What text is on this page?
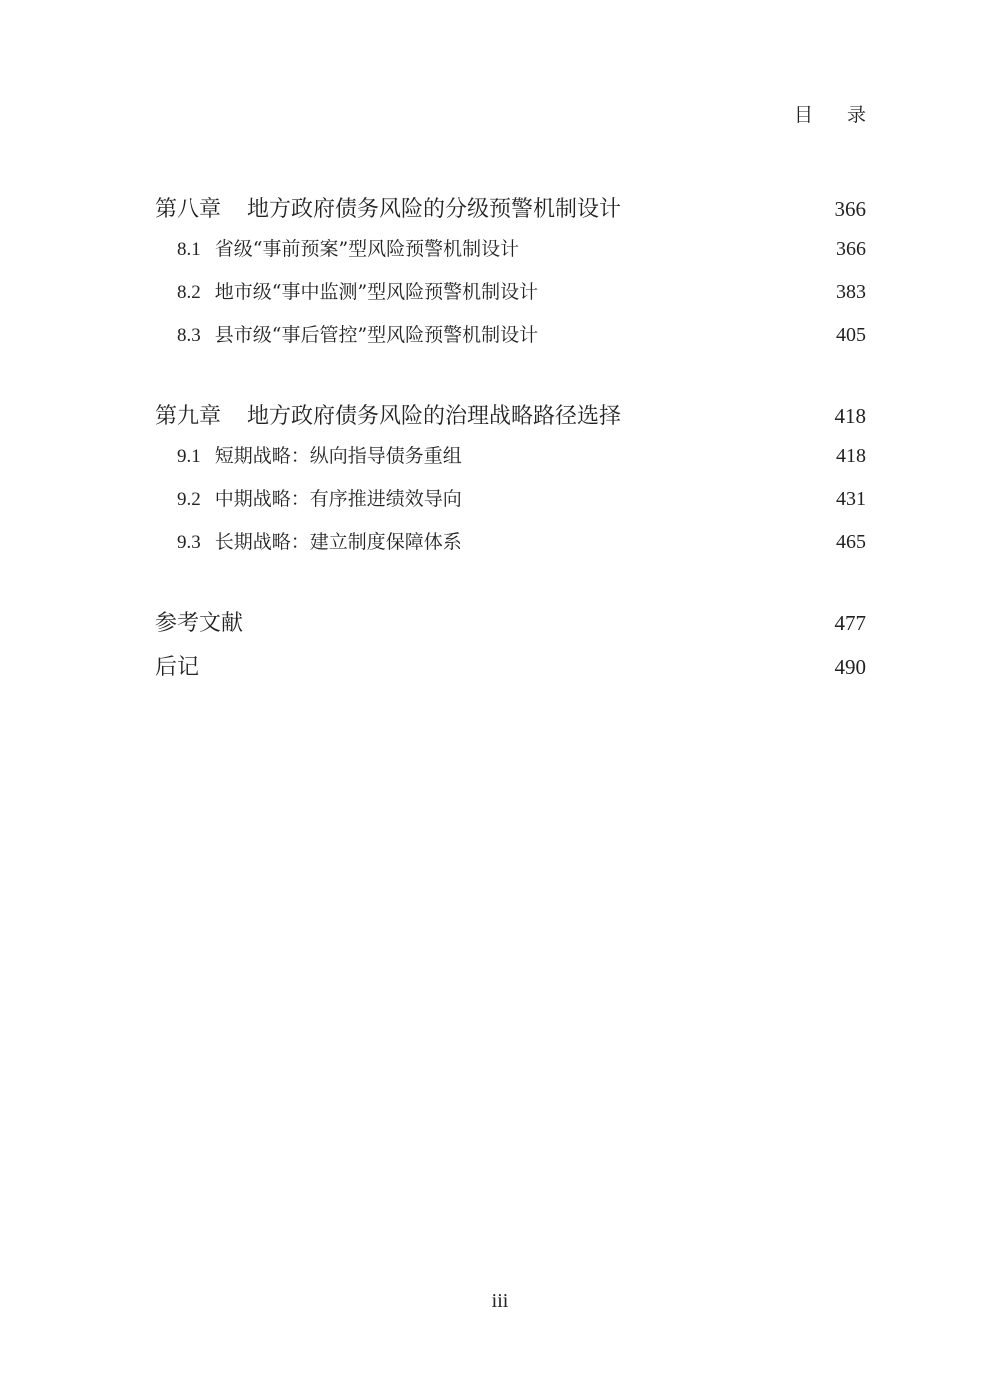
目 录
第八章 地方政府债务风险的分级预警机制设计	366
8.1 省级“事前预案”型风险预警机制设计	366
8.2 地市级“事中监测”型风险预警机制设计	383
8.3 县市级“事后管控”型风险预警机制设计	405
第九章 地方政府债务风险的治理战略路径选择	418
9.1 短期战略：纵向指导债务重组	418
9.2 中期战略：有序推进绩效导向	431
9.3 长期战略：建立制度保障体系	465
参考文献	477
后记	490
iii
